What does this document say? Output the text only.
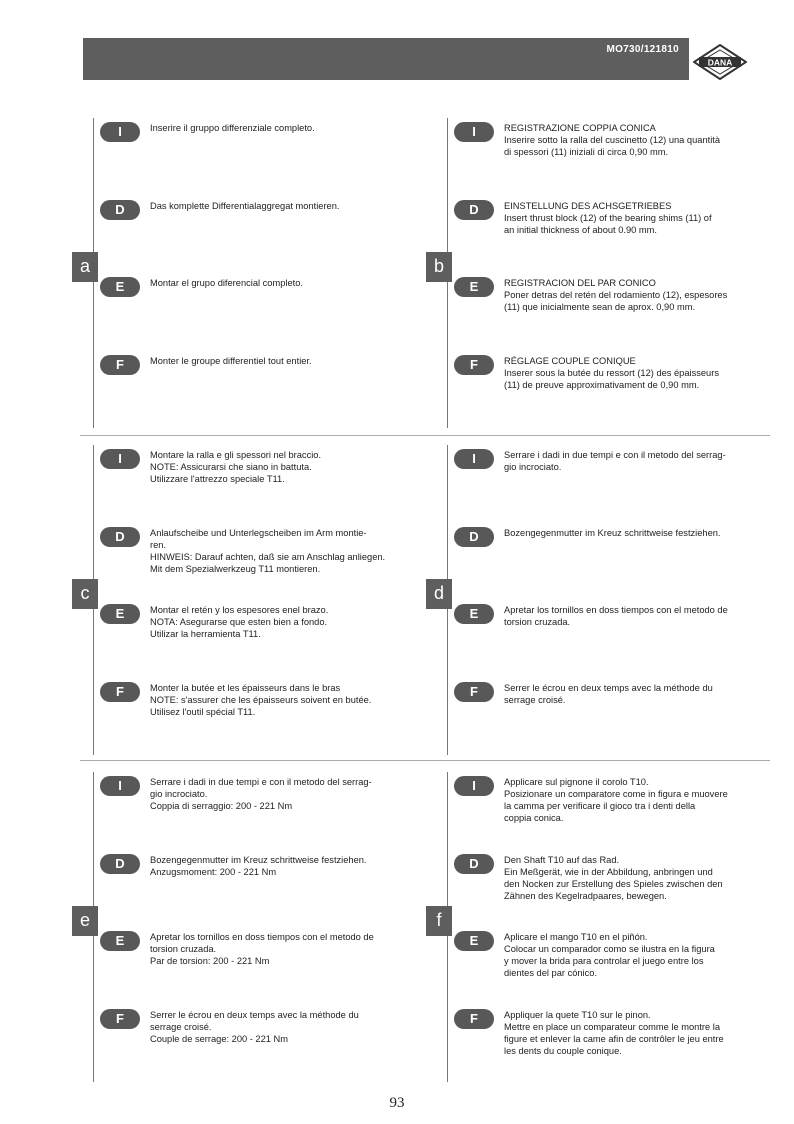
MO730/121810
DANA
a
I	Inserire il gruppo differenziale completo.
D	Das komplette Differentialaggregat montieren.
E	Montar el grupo diferencial completo.
F	Monter le groupe differentiel tout entier.
b
I	REGISTRAZIONE COPPIA CONICA
Inserire sotto la ralla del cuscinetto (12) una quantità
di spessori (11) iniziali di circa 0,90 mm.
D	EINSTELLUNG DES ACHSGETRIEBES
Insert thrust block (12) of the bearing shims (11) of
an initial thickness of about 0.90 mm.
E	REGISTRACION DEL PAR CONICO
Poner detras del retén del rodamiento (12), espesores
(11) que inicialmente sean de aprox. 0,90 mm.
F	RÉGLAGE COUPLE CONIQUE
Inserer sous la butée du ressort (12) des épaisseurs
(11) de preuve approximativament de 0,90 mm.
c
I	Montare la ralla e gli spessori nel braccio.
NOTE: Assicurarsi che siano in battuta.
Utilizzare l'attrezzo speciale T11.
D	Anlaufscheibe und Unterlegscheiben im Arm montie-
ren.
HINWEIS: Darauf achten, daß sie am Anschlag anliegen.
Mit dem Spezialwerkzeug T11 montieren.
E	Montar el retén y los espesores enel brazo.
NOTA: Asegurarse que esten bien a fondo.
Utilizar la herramienta T11.
F	Monter la butée et les épaisseurs dans le bras
NOTE: s'assurer che les épaisseurs soivent en butée.
Utilisez l'outil spécial T11.
d
I	Serrare i dadi in due tempi e con il metodo del serrag-
gio incrociato.
D	Bozengegenmutter im Kreuz schrittweise festziehen.
E	Apretar los tornillos en doss tiempos con el metodo de
torsion cruzada.
F	Serrer le écrou en deux temps avec la méthode du
serrage croisé.
e
I	Serrare i dadi in due tempi e con il metodo del serrag-
gio incrociato.
Coppia di serraggio: 200 - 221 Nm
D	Bozengegenmutter im Kreuz schrittweise festziehen.
Anzugsmoment: 200 - 221 Nm
E	Apretar los tornillos en doss tiempos con el metodo de
torsion cruzada.
Par de torsion: 200 - 221 Nm
F	Serrer le écrou en deux temps avec la méthode du
serrage croisé.
Couple de serrage: 200 - 221 Nm
f
I	Applicare sul pignone il corolo T10.
Posizionare un comparatore come in figura e muovere
la camma per verificare il gioco tra i denti della
coppia conica.
D	Den Shaft T10 auf das Rad.
Ein Meßgerät, wie in der Abbildung, anbringen und
den Nocken zur Erstellung des Spieles zwischen den
Zähnen des Kegelradpaares, bewegen.
E	Aplicare el mango T10 en el piñón.
Colocar un comparador como se ilustra en la figura
y mover la brida para controlar el juego entre los
dientes del par cónico.
F	Appliquer la quete T10 sur le pinon.
Mettre en place un comparateur comme le montre la
figure et enlever la came afin de contrôler le jeu entre
les dents du couple conique.
93
